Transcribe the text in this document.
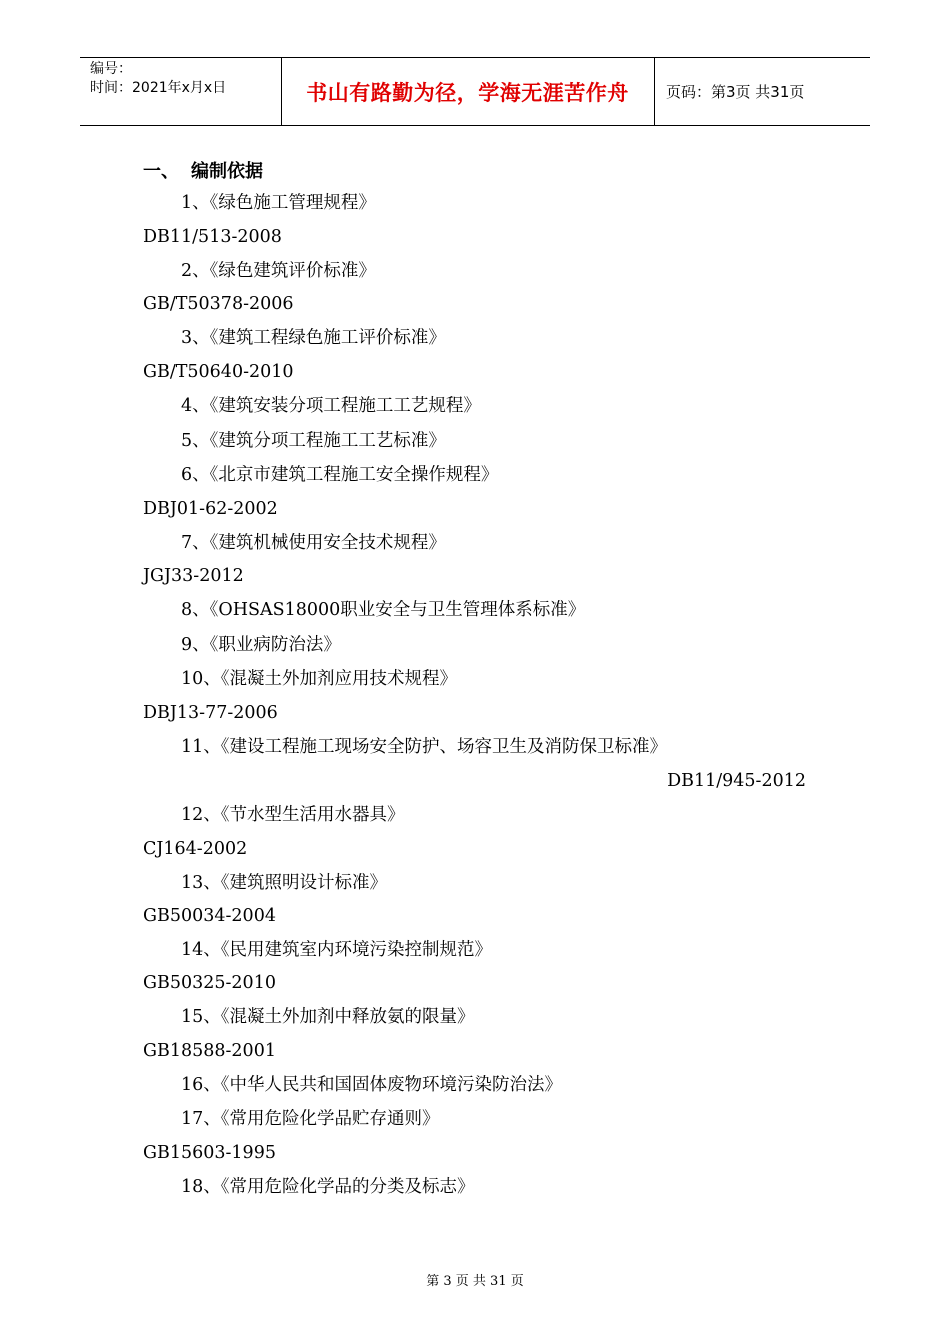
编号：
时间：2021年x月x日	书山有路勤为径，学海无涯苦作舟	页码：第3页 共31页
一、 编制依据
1、《绿色施工管理规程》
DB11/513-2008
2、《绿色建筑评价标准》
GB/T50378-2006
3、《建筑工程绿色施工评价标准》
GB/T50640-2010
4、《建筑安装分项工程施工工艺规程》
5、《建筑分项工程施工工艺标准》
6、《北京市建筑工程施工安全操作规程》
DBJ01-62-2002
7、《建筑机械使用安全技术规程》
JGJ33-2012
8、《OHSAS18000职业安全与卫生管理体系标准》
9、《职业病防治法》
10、《混凝土外加剂应用技术规程》
DBJ13-77-2006
11、《建设工程施工现场安全防护、场容卫生及消防保卫标准》
DB11/945-2012
12、《节水型生活用水器具》
CJ164-2002
13、《建筑照明设计标准》
GB50034-2004
14、《民用建筑室内环境污染控制规范》
GB50325-2010
15、《混凝土外加剂中释放氨的限量》
GB18588-2001
16、《中华人民共和国固体废物环境污染防治法》
17、《常用危险化学品贮存通则》
GB15603-1995
18、《常用危险化学品的分类及标志》
第 3 页 共 31 页
